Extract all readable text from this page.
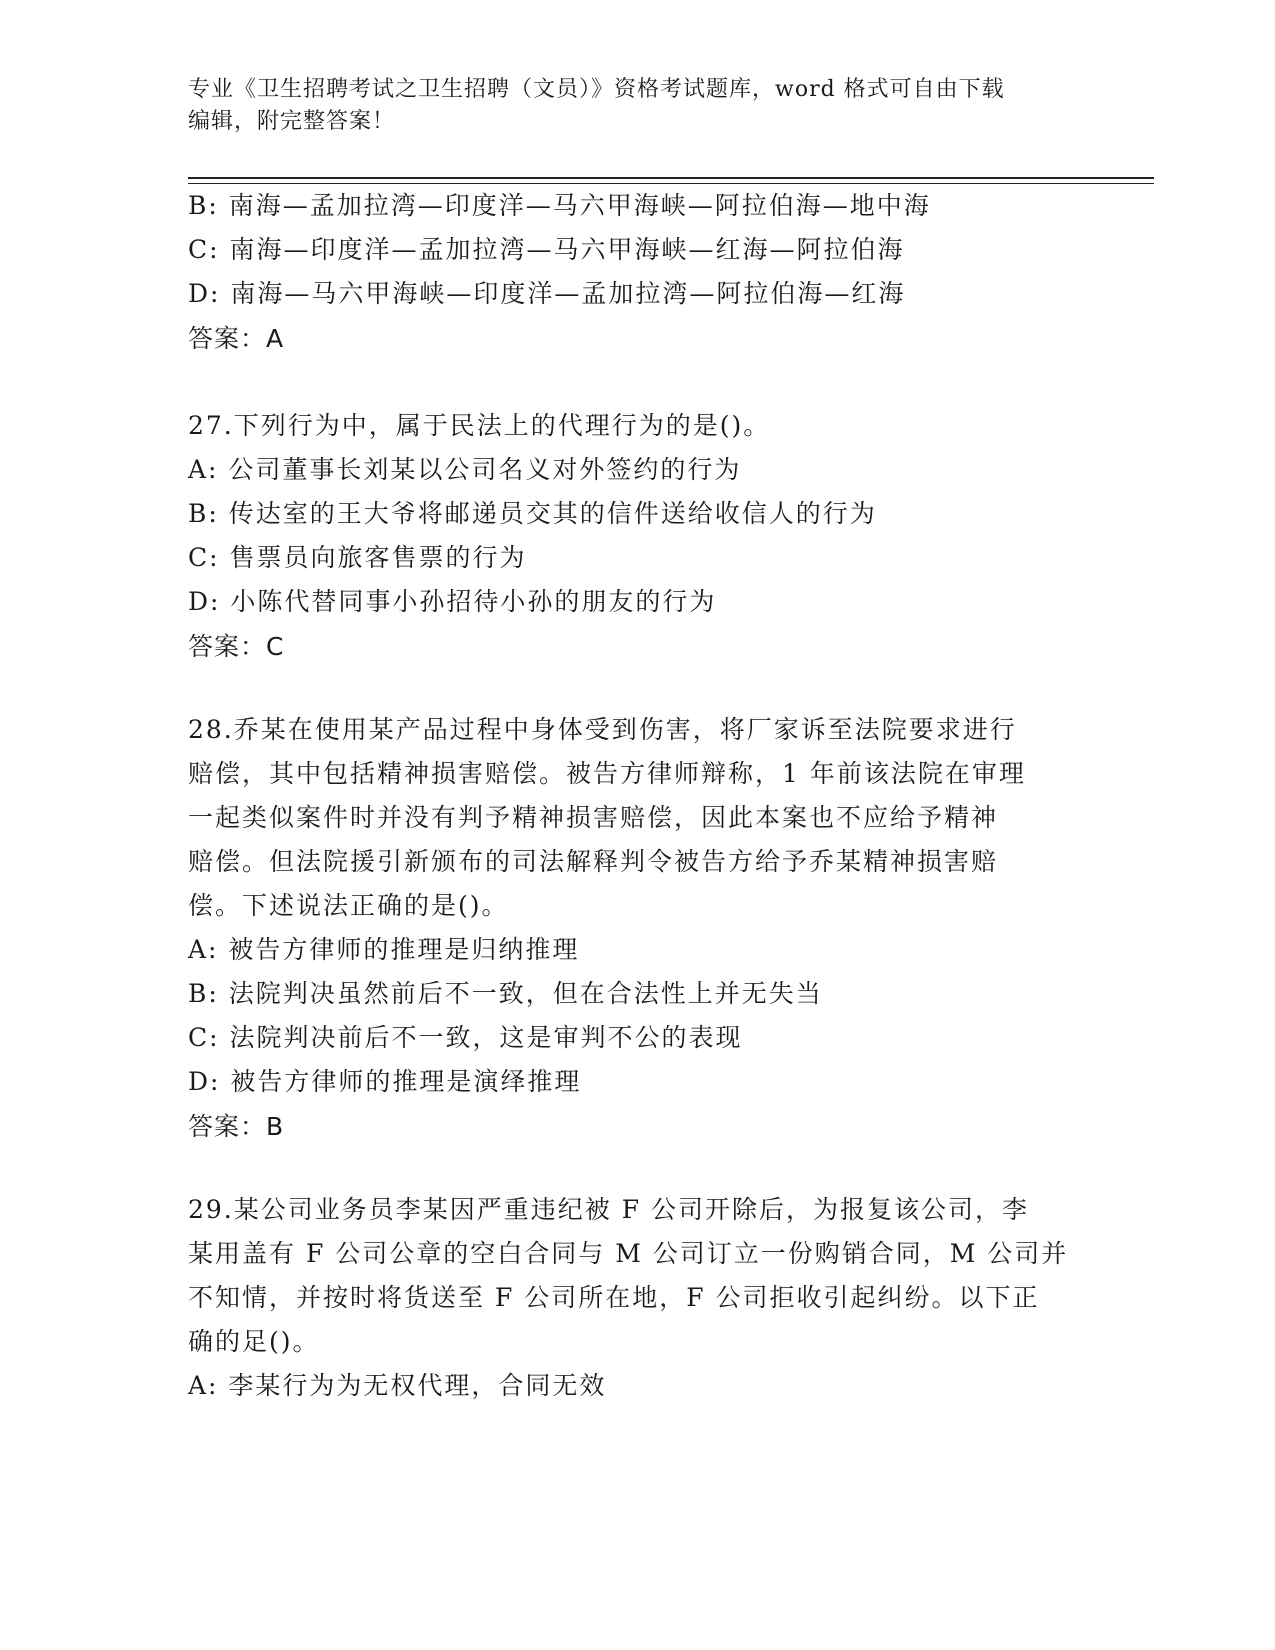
专业《卫生招聘考试之卫生招聘（文员）》资格考试题库，word 格式可自由下载
编辑，附完整答案！
B: 南海—孟加拉湾—印度洋—马六甲海峡—阿拉伯海—地中海
C: 南海—印度洋—孟加拉湾—马六甲海峡—红海—阿拉伯海
D: 南海—马六甲海峡—印度洋—孟加拉湾—阿拉伯海—红海
答案：A
27.下列行为中，属于民法上的代理行为的是()。
A: 公司董事长刘某以公司名义对外签约的行为
B: 传达室的王大爷将邮递员交其的信件送给收信人的行为
C: 售票员向旅客售票的行为
D: 小陈代替同事小孙招待小孙的朋友的行为
答案：C
28.乔某在使用某产品过程中身体受到伤害，将厂家诉至法院要求进行
赔偿，其中包括精神损害赔偿。被告方律师辩称，1 年前该法院在审理
一起类似案件时并没有判予精神损害赔偿，因此本案也不应给予精神
赔偿。但法院援引新颁布的司法解释判令被告方给予乔某精神损害赔
偿。下述说法正确的是()。
A: 被告方律师的推理是归纳推理
B: 法院判决虽然前后不一致，但在合法性上并无失当
C: 法院判决前后不一致，这是审判不公的表现
D: 被告方律师的推理是演绎推理
答案：B
29.某公司业务员李某因严重违纪被 F 公司开除后，为报复该公司，李
某用盖有 F 公司公章的空白合同与 M 公司订立一份购销合同，M 公司并
不知情，并按时将货送至 F 公司所在地，F 公司拒收引起纠纷。以下正
确的足()。
A: 李某行为为无权代理，合同无效
